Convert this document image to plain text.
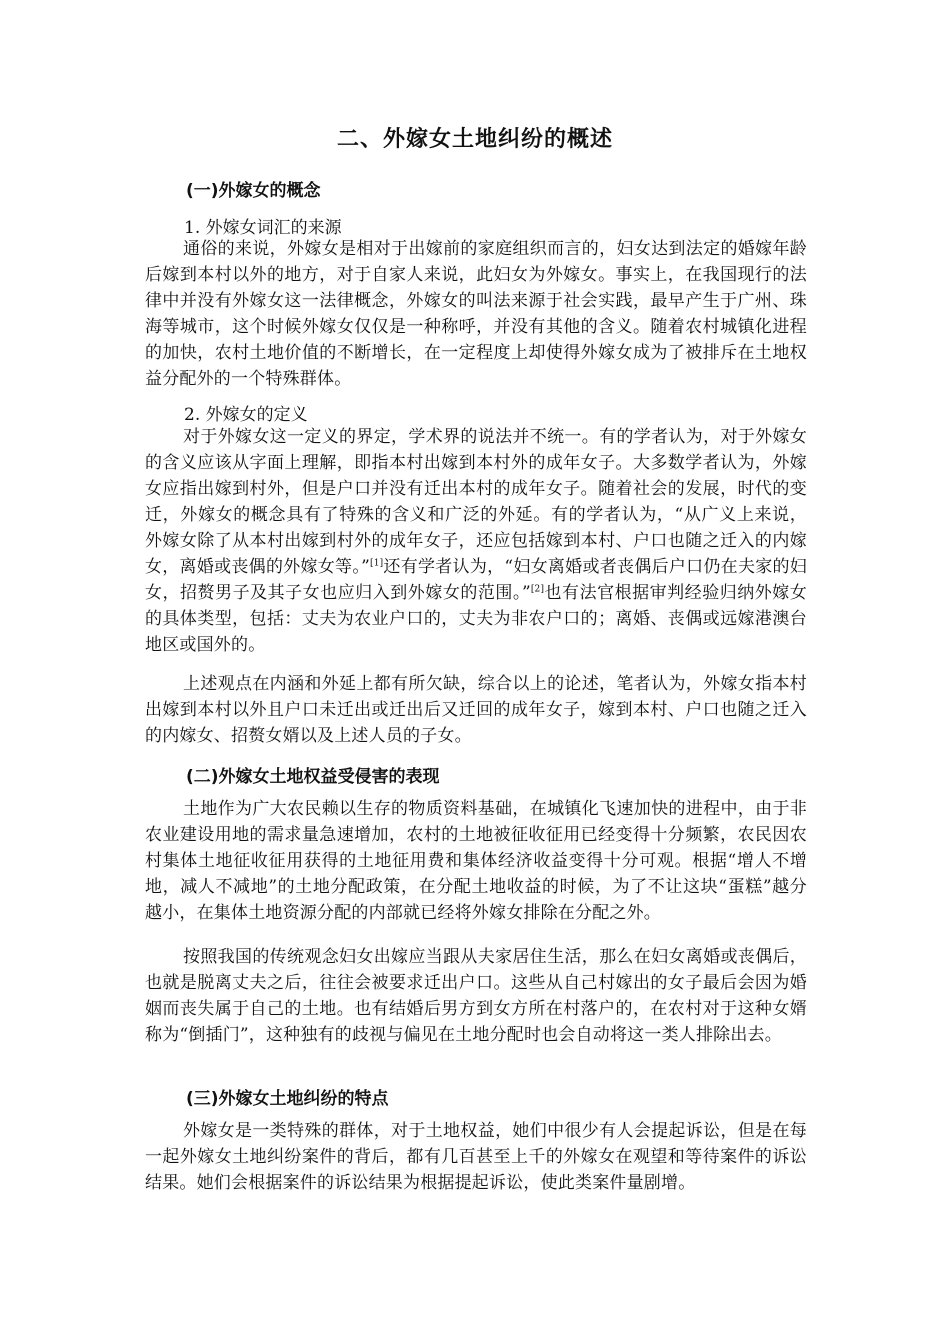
二、外嫁女土地纠纷的概述
(一)外嫁女的概念
1. 外嫁女词汇的来源

通俗的来说，外嫁女是相对于出嫁前的家庭组织而言的，妇女达到法定的婚嫁年龄后嫁到本村以外的地方，对于自家人来说，此妇女为外嫁女。事实上，在我国现行的法律中并没有外嫁女这一法律概念，外嫁女的叫法来源于社会实践，最早产生于广州、珠海等城市，这个时候外嫁女仅仅是一种称呼，并没有其他的含义。随着农村城镇化进程的加快，农村土地价值的不断增长，在一定程度上却使得外嫁女成为了被排斥在土地权益分配外的一个特殊群体。

2. 外嫁女的定义

对于外嫁女这一定义的界定，学术界的说法并不统一。有的学者认为，对于外嫁女的含义应该从字面上理解，即指本村出嫁到本村外的成年女子。大多数学者认为，外嫁女应指出嫁到村外，但是户口并没有迁出本村的成年女子。随着社会的发展，时代的变迁，外嫁女的概念具有了特殊的含义和广泛的外延。有的学者认为，“从广义上来说，外嫁女除了从本村出嫁到村外的成年女子，还应包括嫁到本村、户口也随之迁入的内嫁女，离婚或丧偶的外嫁女等。”[1]还有学者认为，“妇女离婚或者丧偶后户口仍在夫家的妇女，招赘男子及其子女也应归入到外嫁女的范围。”[2]也有法官根据审判经验归纳外嫁女的具体类型，包括：丈夫为农业户口的，丈夫为非农户口的；离婚、丧偶或远嫁港澳台地区或国外的。

上述观点在内涵和外延上都有所欠缺，综合以上的论述，笔者认为，外嫁女指本村出嫁到本村以外且户口未迁出或迁出后又迁回的成年女子，嫁到本村、户口也随之迁入的内嫁女、招赘女婿以及上述人员的子女。

(二)外嫁女土地权益受侵害的表现

土地作为广大农民赖以生存的物质资料基础，在城镇化飞速加快的进程中，由于非农业建设用地的需求量急速增加，农村的土地被征收征用已经变得十分频繁，农民因农村集体土地征收征用获得的土地征用费和集体经济收益变得十分可观。根据“增人不增地，减人不减地”的土地分配政策，在分配土地收益的时候，为了不让这块“蛋糕”越分越小，在集体土地资源分配的内部就已经将外嫁女排除在分配之外。

按照我国的传统观念妇女出嫁应当跟从夫家居住生活，那么在妇女离婚或丧偶后，也就是脱离丈夫之后，往往会被要求迁出户口。这些从自己村嫁出的女子最后会因为婚姻而丧失属于自己的土地。也有结婚后男方到女方所在村落户的，在农村对于这种女婿称为“倒插门”，这种独有的歧视与偏见在土地分配时也会自动将这一类人排除出去。

(三)外嫁女土地纠纷的特点

外嫁女是一类特殊的群体，对于土地权益，她们中很少有人会提起诉讼，但是在每一起外嫁女土地纠纷案件的背后，都有几百甚至上千的外嫁女在观望和等待案件的诉讼结果。她们会根据案件的诉讼结果为根据提起诉讼，使此类案件量剧增。
